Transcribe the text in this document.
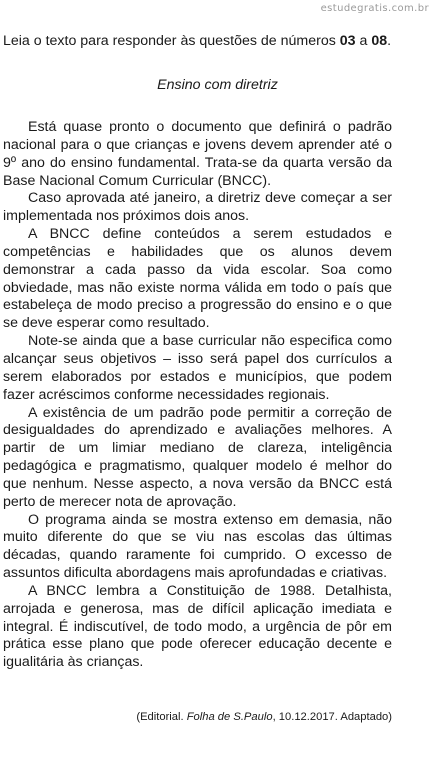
estudegratis.com.br

Leia o texto para responder às questões de números 03 a 08.

Ensino com diretriz

Está quase pronto o documento que definirá o padrão nacional para o que crianças e jovens devem aprender até o 9º ano do ensino fundamental. Trata-se da quarta versão da Base Nacional Comum Curricular (BNCC).

Caso aprovada até janeiro, a diretriz deve começar a ser implementada nos próximos dois anos.

A BNCC define conteúdos a serem estudados e competências e habilidades que os alunos devem demonstrar a cada passo da vida escolar. Soa como obviedade, mas não existe norma válida em todo o país que estabeleça de modo preciso a progressão do ensino e o que se deve esperar como resultado.

Note-se ainda que a base curricular não especifica como alcançar seus objetivos – isso será papel dos currículos a serem elaborados por estados e municípios, que podem fazer acréscimos conforme necessidades regionais.

A existência de um padrão pode permitir a correção de desigualdades do aprendizado e avaliações melhores. A partir de um limiar mediano de clareza, inteligência pedagógica e pragmatismo, qualquer modelo é melhor do que nenhum. Nesse aspecto, a nova versão da BNCC está perto de merecer nota de aprovação.

O programa ainda se mostra extenso em demasia, não muito diferente do que se viu nas escolas das últimas décadas, quando raramente foi cumprido. O excesso de assuntos dificulta abordagens mais aprofundadas e criativas.

A BNCC lembra a Constituição de 1988. Detalhista, arrojada e generosa, mas de difícil aplicação imediata e integral. É indiscutível, de todo modo, a urgência de pôr em prática esse plano que pode oferecer educação decente e igualitária às crianças.

(Editorial. Folha de S.Paulo, 10.12.2017. Adaptado)
